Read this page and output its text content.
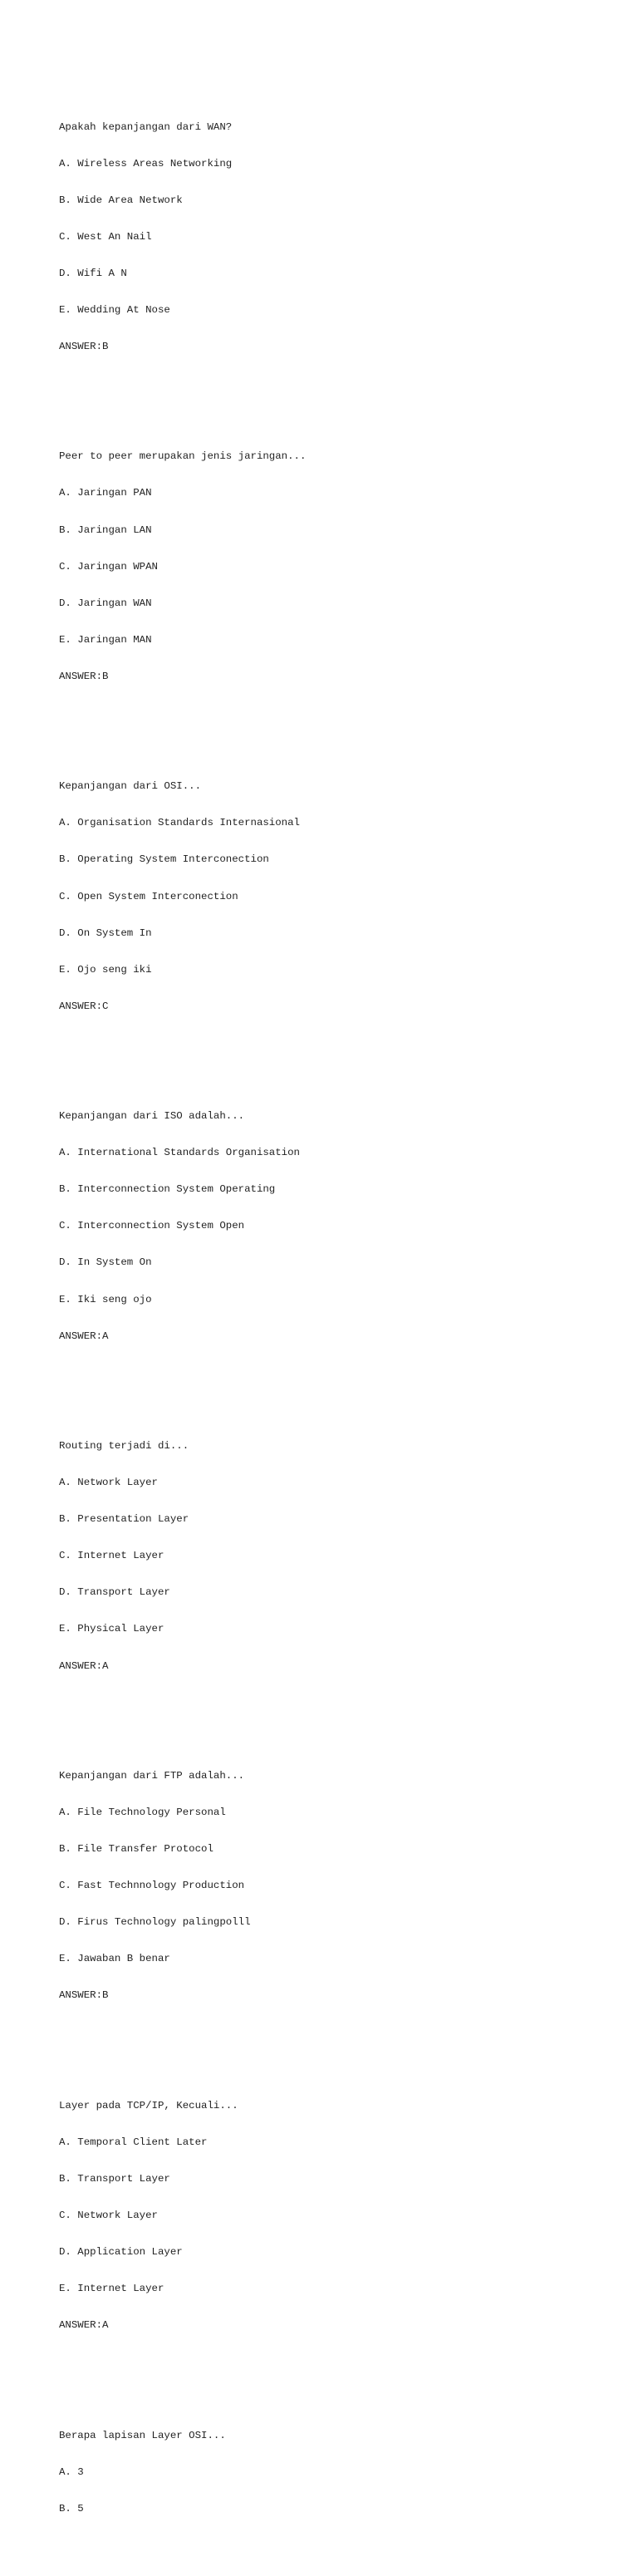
Apakah kepanjangan dari WAN?

A. Wireless Areas Networking

B. Wide Area Network

C. West An Nail

D. Wifi A N

E. Wedding At Nose

ANSWER:B

Peer to peer merupakan jenis jaringan...

A. Jaringan PAN

B. Jaringan LAN

C. Jaringan WPAN

D. Jaringan WAN

E. Jaringan MAN

ANSWER:B

Kepanjangan dari OSI...

A. Organisation Standards Internasional

B. Operating System Interconection

C. Open System Interconection

D. On System In

E. Ojo seng iki

ANSWER:C

Kepanjangan dari ISO adalah...

A. International Standards Organisation

B. Interconnection System Operating

C. Interconnection System Open

D. In System On

E. Iki seng ojo

ANSWER:A

Routing terjadi di...

A. Network Layer

B. Presentation Layer

C. Internet Layer

D. Transport Layer

E. Physical Layer

ANSWER:A

Kepanjangan dari FTP adalah...

A. File Technology Personal

B. File Transfer Protocol

C. Fast Technnology Production

D. Firus Technology palingpolll

E. Jawaban B benar

ANSWER:B

Layer pada TCP/IP, Kecuali...

A. Temporal Client Later

B. Transport Layer

C. Network Layer

D. Application Layer

E. Internet Layer

ANSWER:A

Berapa lapisan Layer OSI...

A. 3

B. 5
